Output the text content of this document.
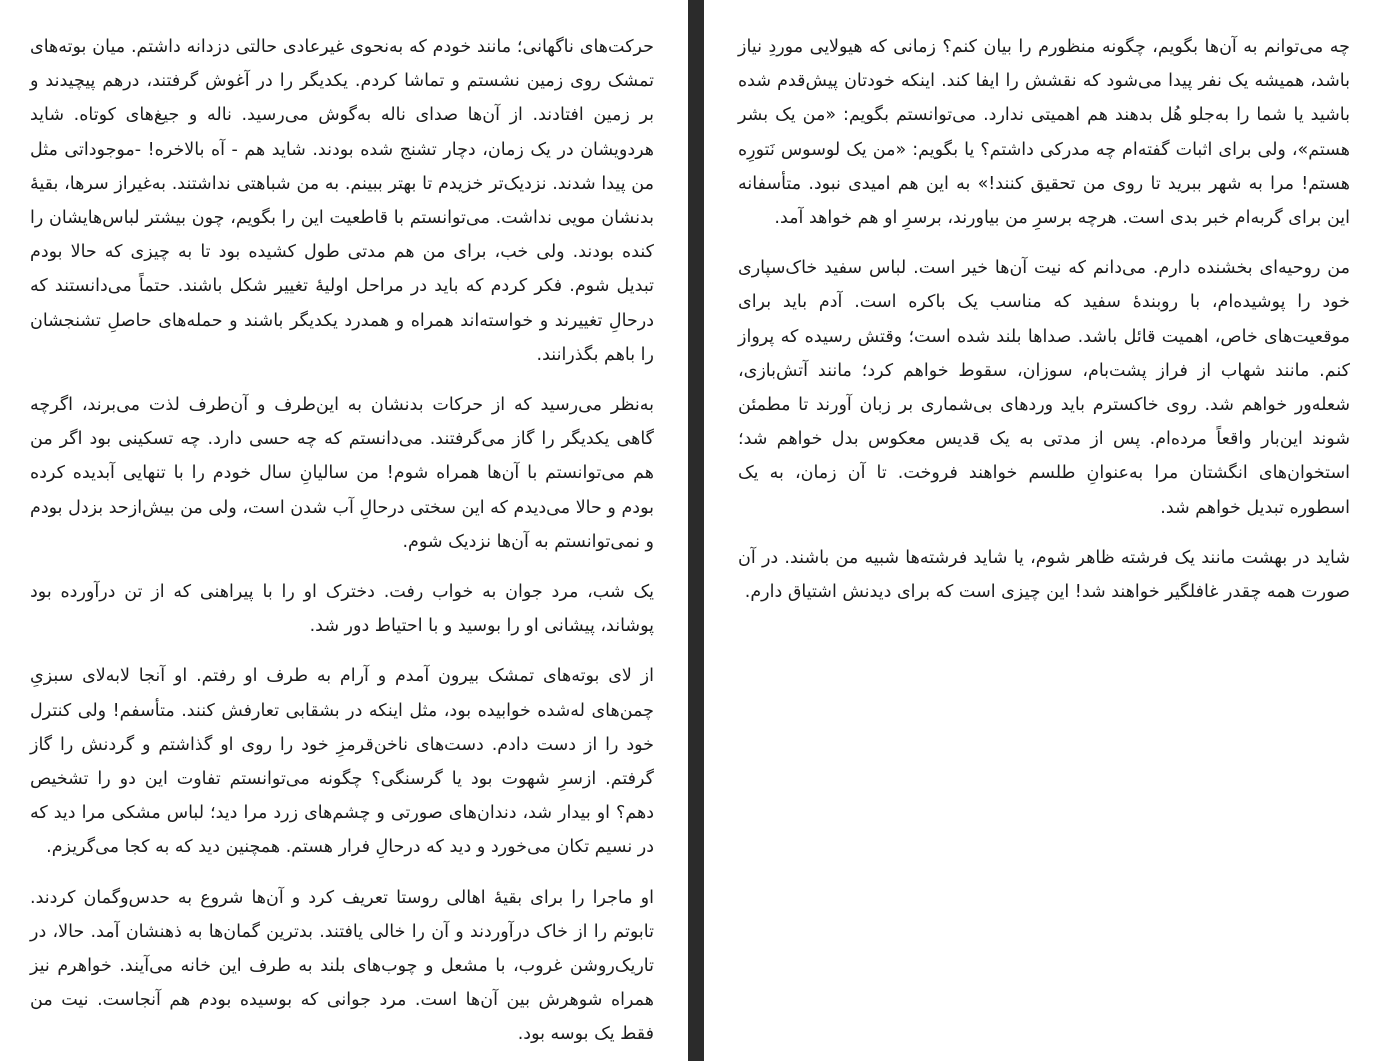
حرکت‌های ناگهانی؛ مانند خودم که به‌نحوی غیرعادی حالتی دزدانه داشتم. میان بوته‌های تمشک روی زمین نشستم و تماشا کردم. یکدیگر را در آغوش گرفتند، درهم پیچیدند و بر زمین افتادند. از آن‌ها صدای ناله به‌گوش می‌رسید. ناله و جیغ‌های کوتاه. شاید هردویشان در یک زمان، دچار تشنج شده بودند. شاید هم - آه بالاخره! -موجوداتی مثل من پیدا شدند. نزدیک‌تر خزیدم تا بهتر ببینم. به من شباهتی نداشتند. به‌غیراز سرها، بقیهٔ بدنشان مویی نداشت. می‌توانستم با قاطعیت این را بگویم، چون بیشتر لباس‌هایشان را کنده بودند. ولی خب، برای من هم مدتی طول کشیده بود تا به چیزی که حالا بودم تبدیل شوم. فکر کردم که باید در مراحل اولیهٔ تغییر شکل باشند. حتماً می‌دانستند که درحالِ تغییرند و خواسته‌اند همراه و همدرد یکدیگر باشند و حمله‌های حاصلِ تشنجشان را باهم بگذرانند.

به‌نظر می‌رسید که از حرکات بدنشان به این‌طرف و آن‌طرف لذت می‌برند، اگرچه گاهی یکدیگر را گاز می‌گرفتند. می‌دانستم که چه حسی دارد. چه تسکینی بود اگر من هم می‌توانستم با آن‌ها همراه شوم! من سالیانِ سال خودم را با تنهایی آبدیده کرده بودم و حالا می‌دیدم که این سختی درحالِ آب شدن است، ولی من بیش‌ازحد بزدل بودم و نمی‌توانستم به آن‌ها نزدیک شوم.

یک شب، مرد جوان به خواب رفت. دخترک او را با پیراهنی که از تن درآورده بود پوشاند، پیشانی او را بوسید و با احتیاط دور شد.

از لای بوته‌های تمشک بیرون آمدم و آرام به طرف او رفتم. او آنجا لابه‌لای سبزیِ چمن‌های له‌شده خوابیده بود، مثل اینکه در بشقابی تعارفش کنند. متأسفم! ولی کنترل خود را از دست دادم. دست‌های ناخن‌قرمزِ خود را روی او گذاشتم و گردنش را گاز گرفتم. ازسرِ شهوت بود یا گرسنگی؟ چگونه می‌توانستم تفاوت این دو را تشخیص دهم؟ او بیدار شد، دندان‌های صورتی و چشم‌های زرد مرا دید؛ لباس مشکی مرا دید که در نسیم تکان می‌خورد و دید که درحالِ فرار هستم. همچنین دید که به کجا می‌گریزم.

او ماجرا را برای بقیهٔ اهالی روستا تعریف کرد و آن‌ها شروع به حدس‌وگمان کردند. تابوتم را از خاک درآوردند و آن را خالی یافتند. بدترین گمان‌ها به ذهنشان آمد. حالا، در تاریک‌روشن غروب، با مشعل و چوب‌های بلند به طرف این خانه می‌آیند. خواهرم نیز همراه شوهرش بین آن‌ها است. مرد جوانی که بوسیده بودم هم آنجاست. نیت من فقط یک بوسه بود.

چه می‌توانم به آن‌ها بگویم، چگونه منظورم را بیان کنم؟ زمانی که هیولایی موردِ نیاز باشد، همیشه یک نفر پیدا می‌شود که نقشش را ایفا کند. اینکه خودتان پیش‌قدم شده باشید یا شما را به‌جلو هُل بدهند هم اهمیتی ندارد. می‌توانستم بگویم: «من یک بشر هستم»، ولی برای اثبات گفته‌ام چه مدرکی داشتم؟ یا بگویم: «من یک لوسوس نَتورِه هستم! مرا به شهر ببرید تا روی من تحقیق کنند!» به این هم امیدی نبود. متأسفانه این برای گربه‌ام خبر بدی است. هرچه برسرِ من بیاورند، برسرِ او هم خواهد آمد.

من روحیه‌ای بخشنده دارم. می‌دانم که نیت آن‌ها خیر است. لباس سفید خاک‌سپاری خود را پوشیده‌ام، با روبندهٔ سفید که مناسب یک باکره است. آدم باید برای موقعیت‌های خاص، اهمیت قائل باشد. صداها بلند شده است؛ وقتش رسیده که پرواز کنم. مانند شهاب از فراز پشت‌بام، سوزان، سقوط خواهم کرد؛ مانند آتش‌بازی، شعله‌ور خواهم شد. روی خاکسترم باید وردهای بی‌شماری بر زبان آورند تا مطمئن شوند این‌بار واقعاً مرده‌ام. پس از مدتی به یک قدیس معکوس بدل خواهم شد؛ استخوان‌های انگشتان مرا به‌عنوانِ طلسم خواهند فروخت. تا آن زمان، به یک اسطوره تبدیل خواهم شد.

شاید در بهشت مانند یک فرشته ظاهر شوم، یا شاید فرشته‌ها شبیه من باشند. در آن صورت همه چقدر غافلگیر خواهند شد! این چیزی است که برای دیدنش اشتیاق دارم.
